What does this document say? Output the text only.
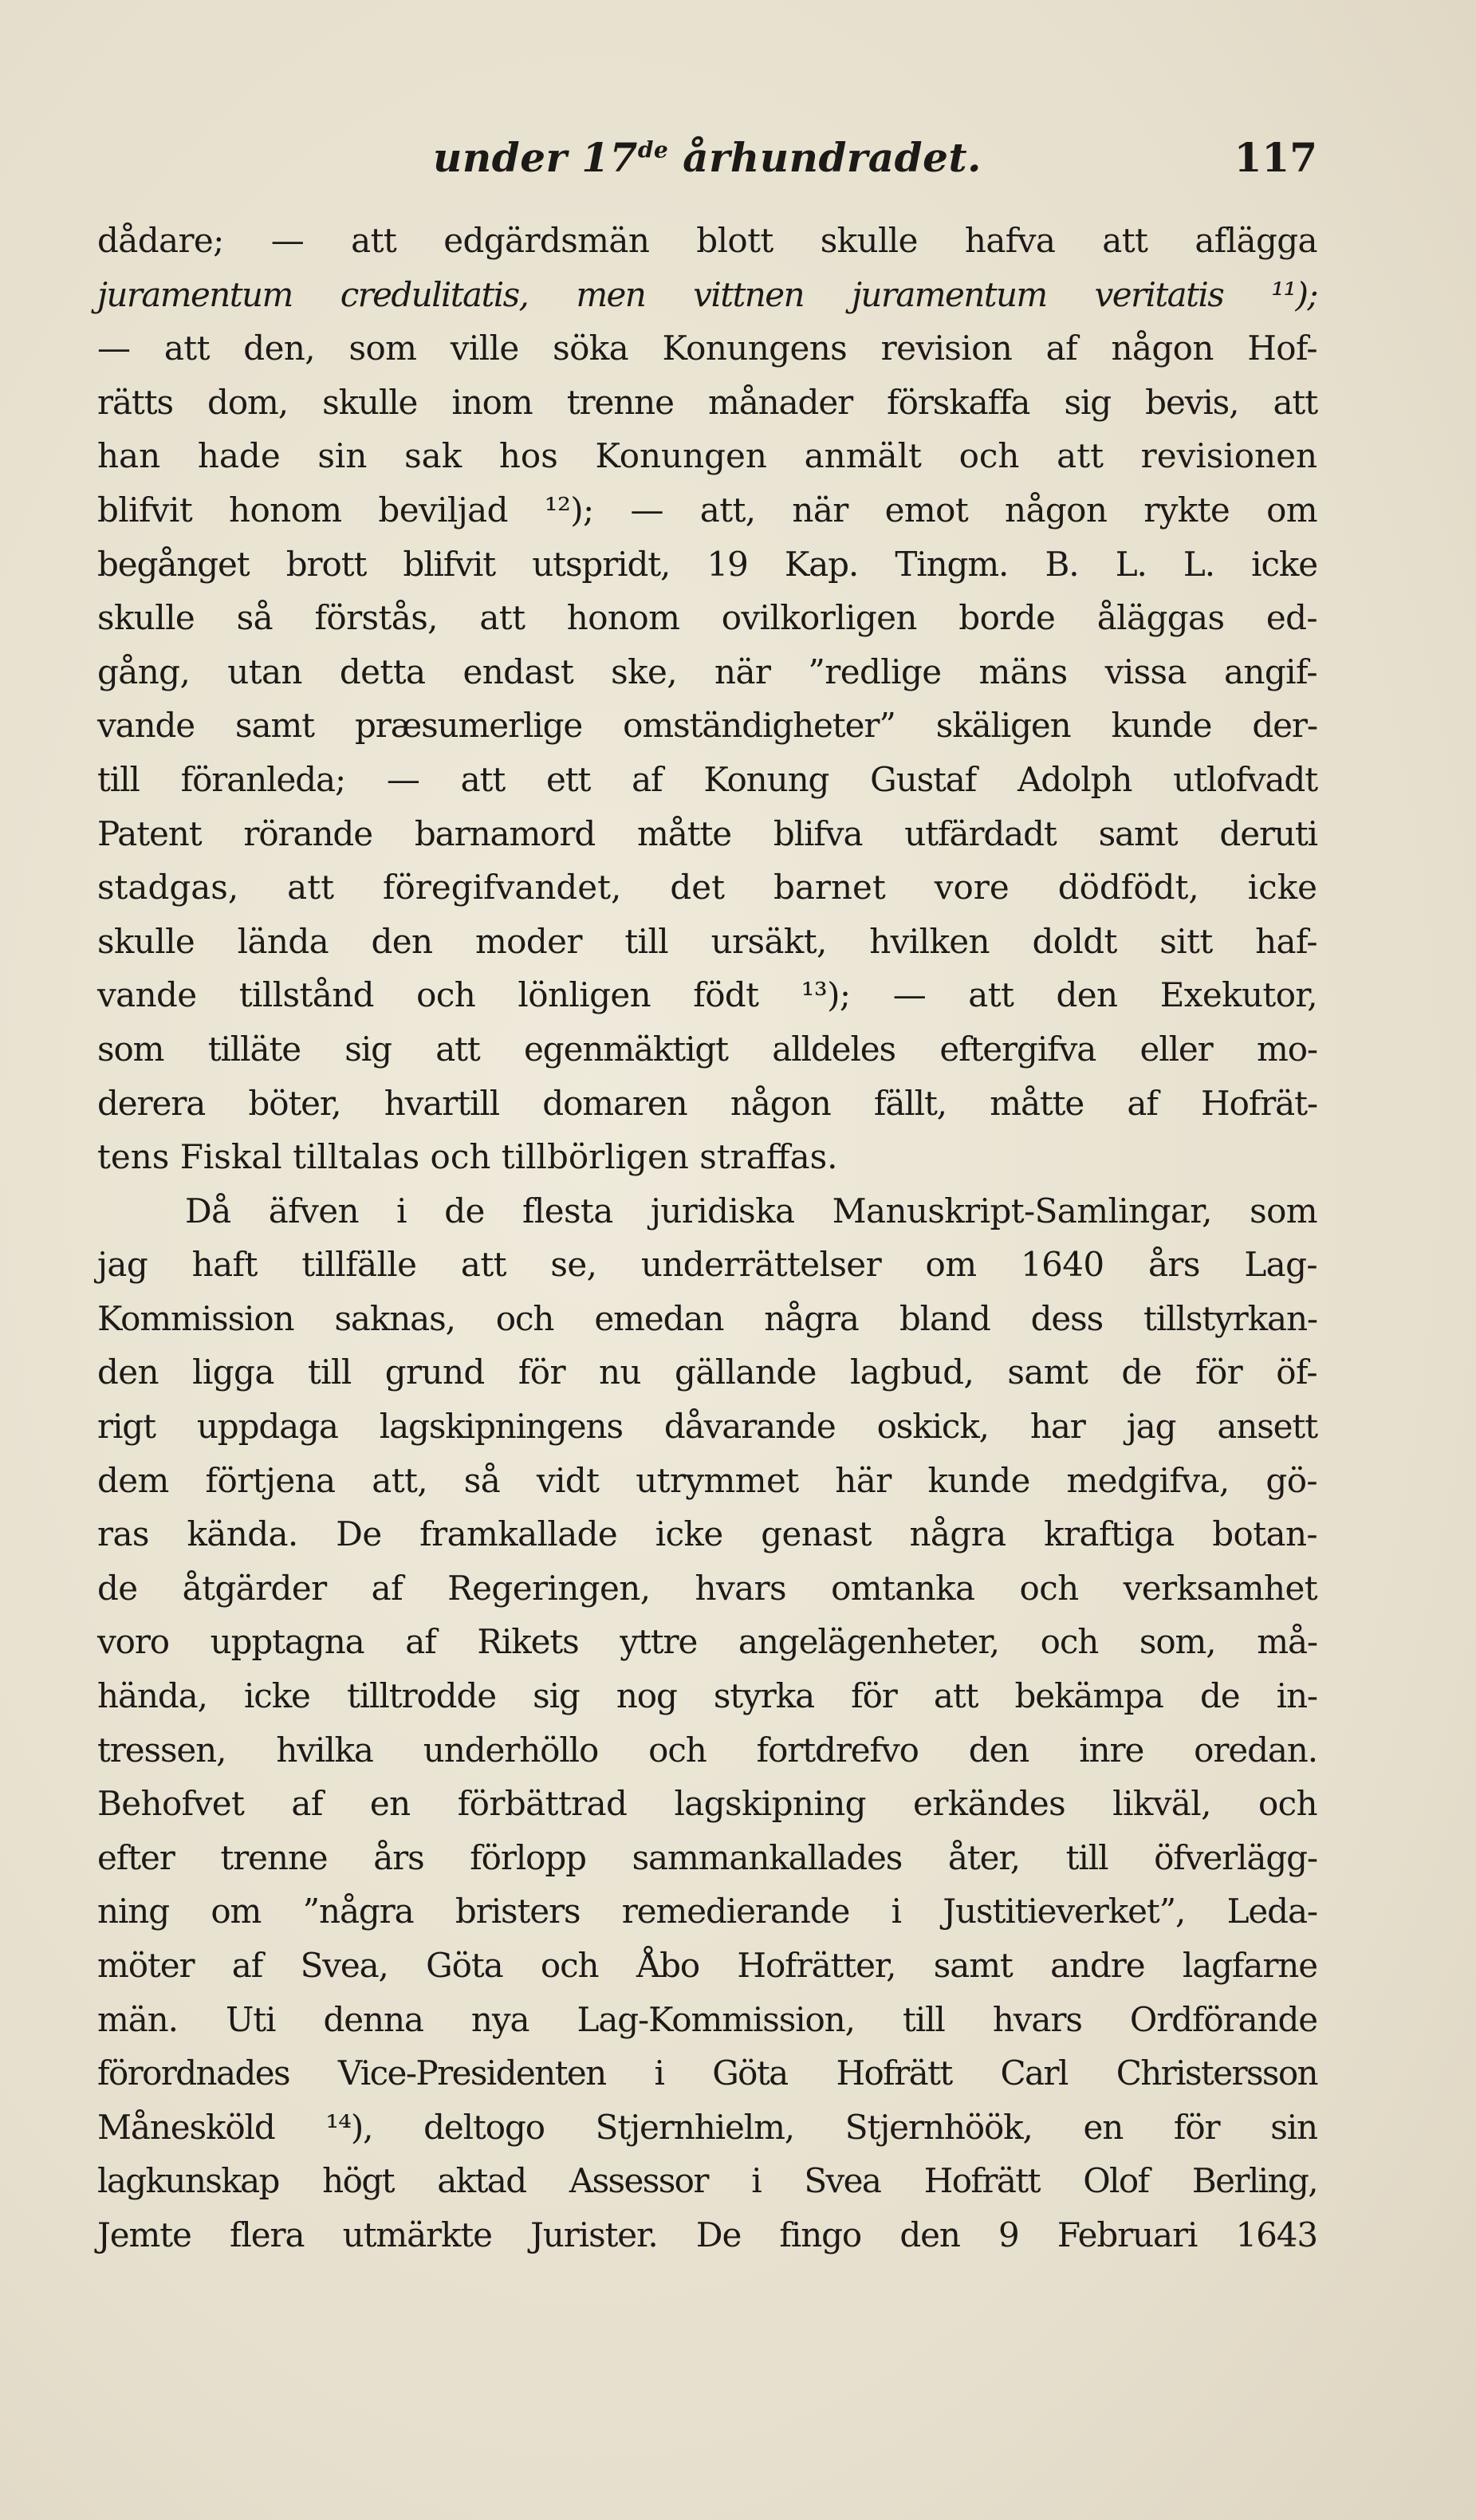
under 17de århundradet.	117
dådare; — att edgärdsmän blott skulle hafva att aflägga
juramentum credulitatis, men vittnen juramentum veritatis ¹¹);
— att den, som ville söka Konungens revision af någon Hof-
rätts dom, skulle inom trenne månader förskaffa sig bevis, att
han hade sin sak hos Konungen anmält och att revisionen
blifvit honom beviljad ¹²); — att, när emot någon rykte om
begånget brott blifvit utspridt, 19 Kap. Tingm. B. L. L. icke
skulle så förstås, att honom ovilkorligen borde åläggas ed-
gång, utan detta endast ske, när ”redlige mäns vissa angif-
vande samt præsumerlige omständigheter” skäligen kunde der-
till föranleda; — att ett af Konung Gustaf Adolph utlofvadt
Patent rörande barnamord måtte blifva utfärdadt samt deruti
stadgas, att föregifvandet, det barnet vore dödfödt, icke
skulle lända den moder till ursäkt, hvilken doldt sitt haf-
vande tillstånd och lönligen födt ¹³); — att den Exekutor,
som tilläte sig att egenmäktigt alldeles eftergifva eller mo-
derera böter, hvartill domaren någon fällt, måtte af Hofrät-
tens Fiskal tilltalas och tillbörligen straffas.
Då äfven i de flesta juridiska Manuskript-Samlingar, som
jag haft tillfälle att se, underrättelser om 1640 års Lag-
Kommission saknas, och emedan några bland dess tillstyrkan-
den ligga till grund för nu gällande lagbud, samt de för öf-
rigt uppdaga lagskipningens dåvarande oskick, har jag ansett
dem förtjena att, så vidt utrymmet här kunde medgifva, gö-
ras kända. De framkallade icke genast några kraftiga botan-
de åtgärder af Regeringen, hvars omtanka och verksamhet
voro upptagna af Rikets yttre angelägenheter, och som, må-
hända, icke tilltrodde sig nog styrka för att bekämpa de in-
tressen, hvilka underhöllo och fortdrefvo den inre oredan.
Behofvet af en förbättrad lagskipning erkändes likväl, och
efter trenne års förlopp sammankallades åter, till öfverlägg-
ning om ”några bristers remedierande i Justitieverket”, Leda-
möter af Svea, Göta och Åbo Hofrätter, samt andre lagfarne
män. Uti denna nya Lag-Kommission, till hvars Ordförande
förordnades Vice-Presidenten i Göta Hofrätt Carl Christersson
Månesköld ¹⁴), deltogo Stjernhielm, Stjernhöök, en för sin
lagkunskap högt aktad Assessor i Svea Hofrätt Olof Berling,
Jemte flera utmärkte Jurister. De fingo den 9 Februari 1643
